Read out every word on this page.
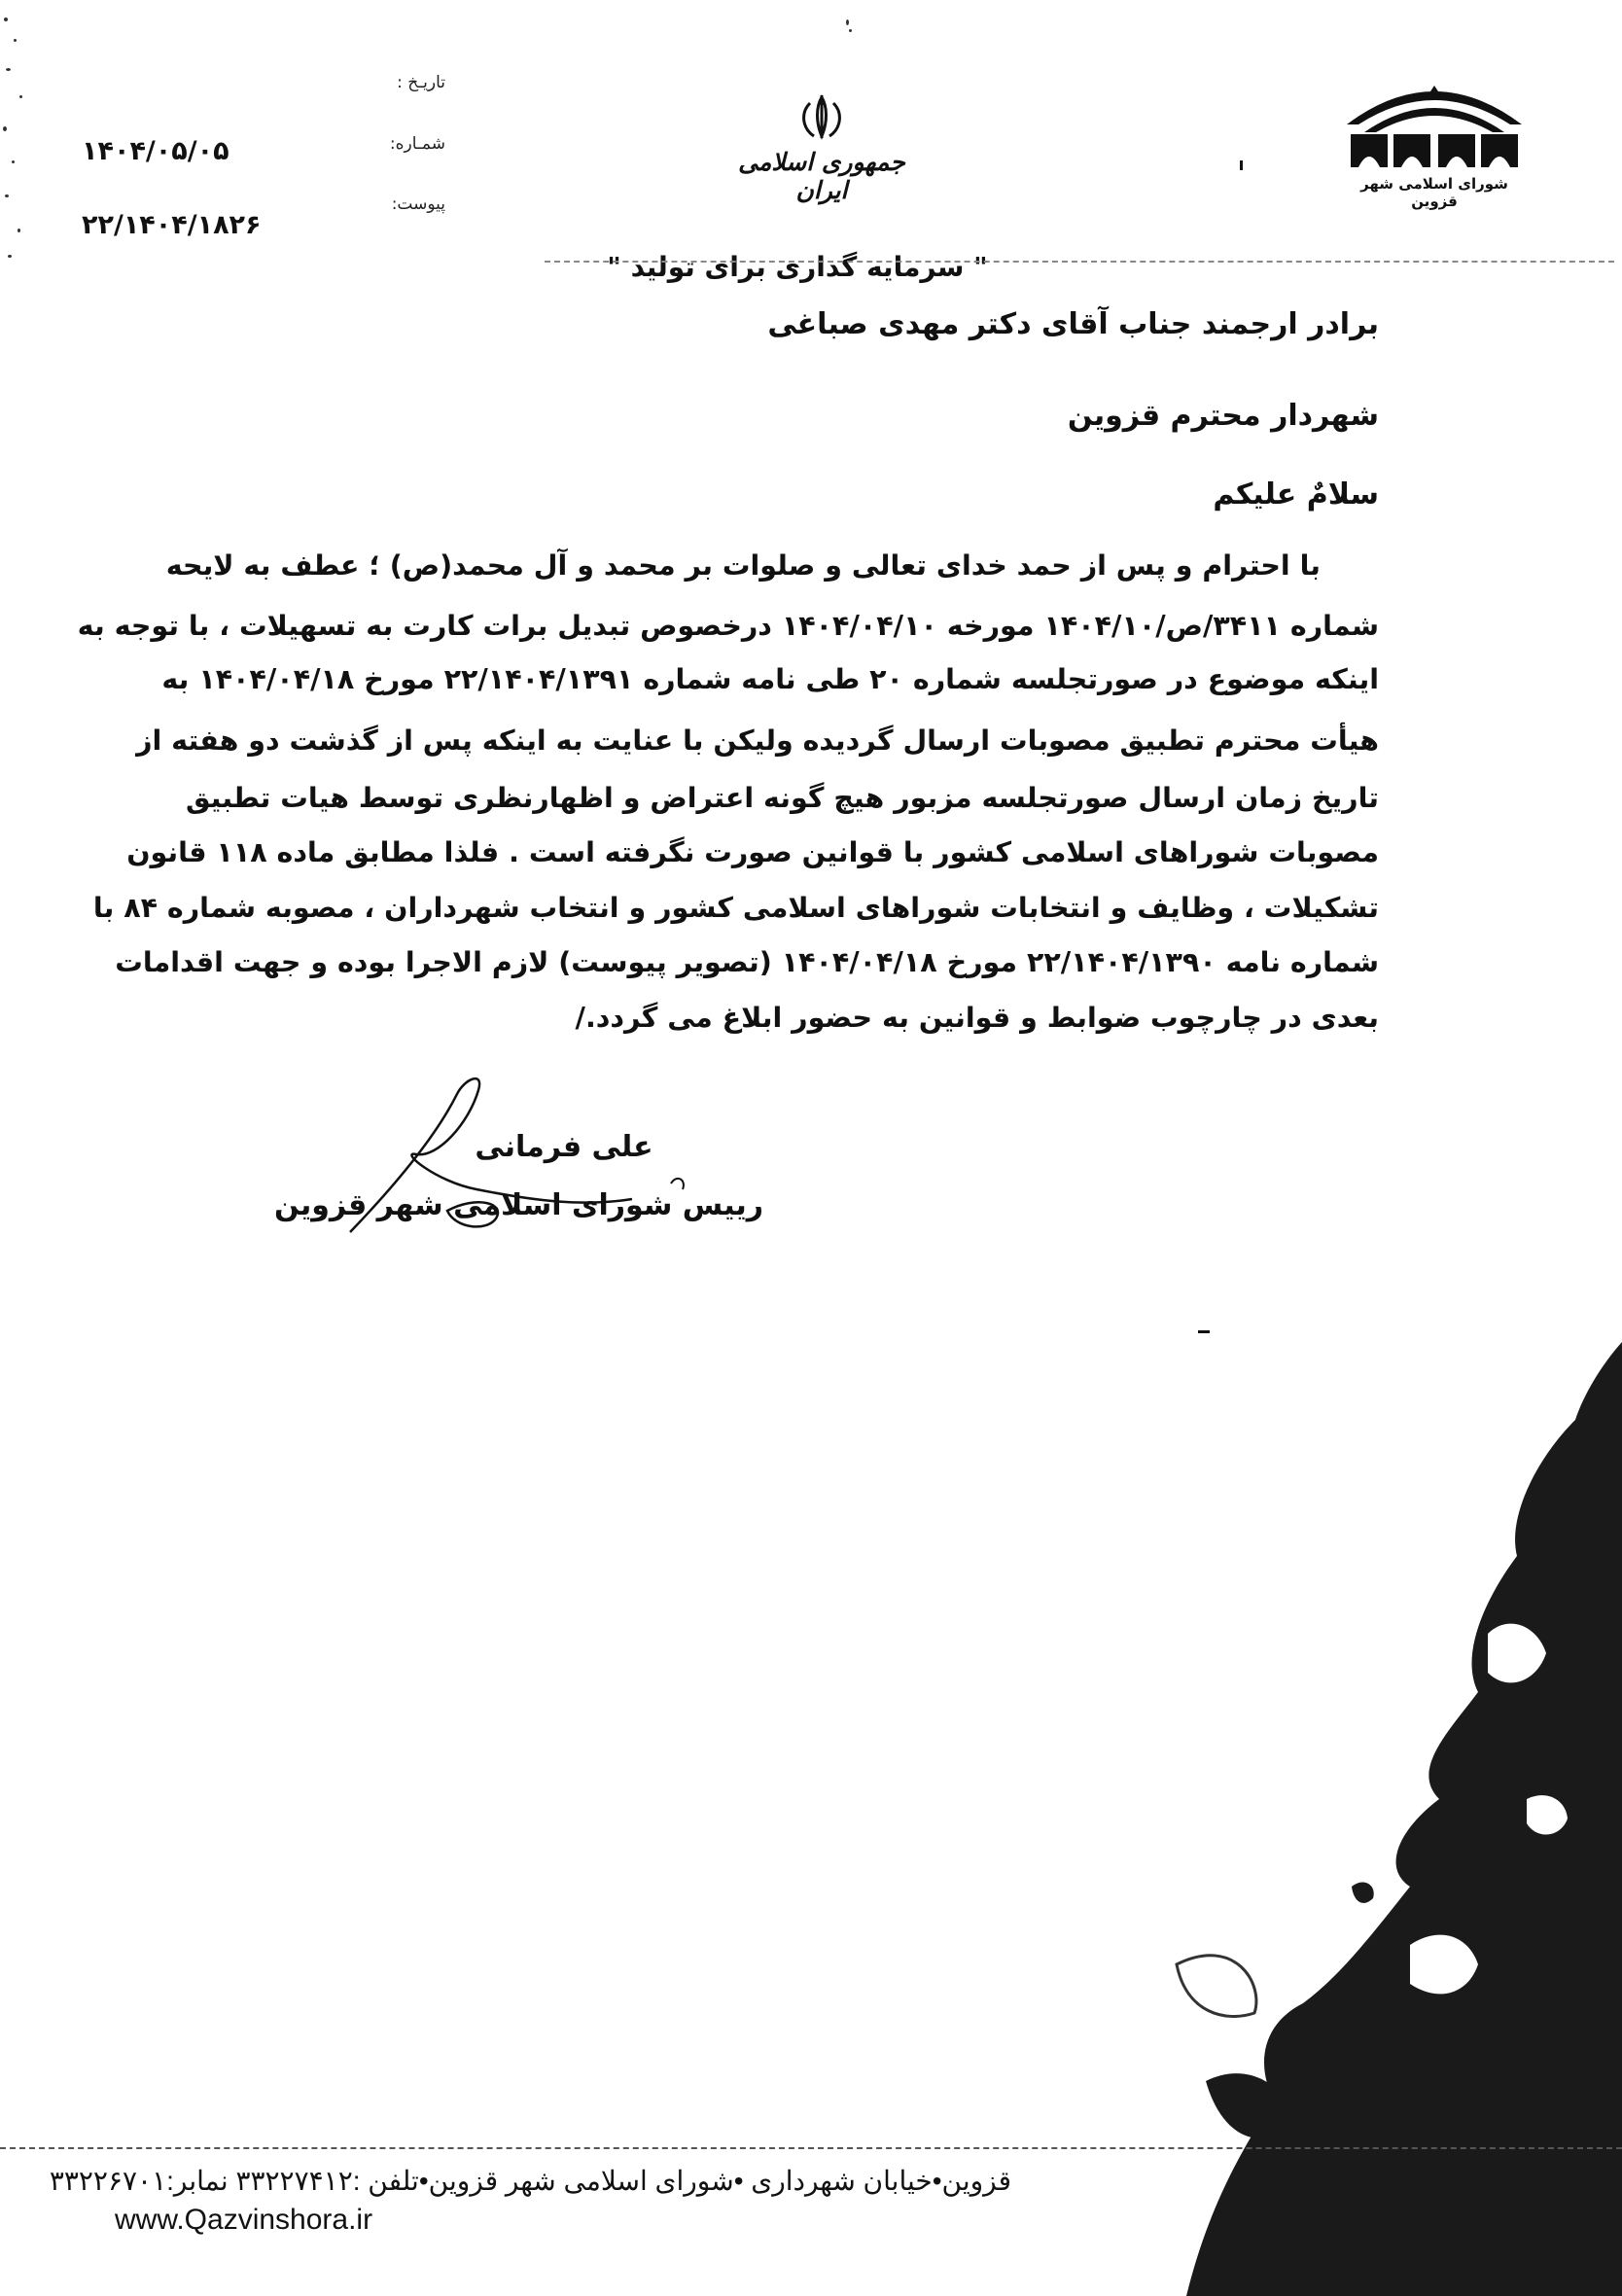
شورای اسلامی شهر قزوین
جمهوری اسلامی ایران
تاریـخ :
شمـاره:
پیوست:
۱۴۰۴/۰۵/۰۵
۲۲/۱۴۰۴/۱۸۲۶
" سرمایه گذاری برای تولید "
برادر ارجمند جناب آقای دکتر مهدی صباغی
شهردار محترم قزوین
سلامٌ علیکم
با احترام و پس از حمد خدای تعالی و صلوات بر محمد و آل محمد(ص) ؛ عطف به لایحه
شماره ۳۴۱۱/ص/۱۴۰۴/۱۰ مورخه ۱۴۰۴/۰۴/۱۰ درخصوص تبدیل برات کارت به تسهیلات ، با توجه به
اینکه موضوع در صورتجلسه شماره ۲۰ طی نامه شماره ۲۲/۱۴۰۴/۱۳۹۱ مورخ ۱۴۰۴/۰۴/۱۸ به
هیأت محترم تطبیق مصوبات ارسال گردیده ولیکن با عنایت به اینکه پس از گذشت دو هفته از
تاریخ زمان ارسال صورتجلسه مزبور هیچ گونه اعتراض و اظهارنظری توسط هیات تطبیق
مصوبات شوراهای اسلامی کشور با قوانین صورت نگرفته است . فلذا مطابق ماده ۱۱۸ قانون
تشکیلات ، وظایف و انتخابات شوراهای اسلامی کشور و انتخاب شهرداران ، مصوبه شماره ۸۴ با
شماره نامه ۲۲/۱۴۰۴/۱۳۹۰ مورخ ۱۴۰۴/۰۴/۱۸ (تصویر پیوست) لازم الاجرا بوده و جهت اقدامات
بعدی در چارچوب ضوابط و قوانین به حضور ابلاغ می گردد./
علی فرمانی
رییس شورای اسلامی شهر قزوین
قزوین•خیابان شهرداری •شورای اسلامی شهر قزوین•تلفن :۳۳۲۲۷۴۱۲ نمابر:۳۳۲۲۶۷۰۱
www.Qazvinshora.ir
